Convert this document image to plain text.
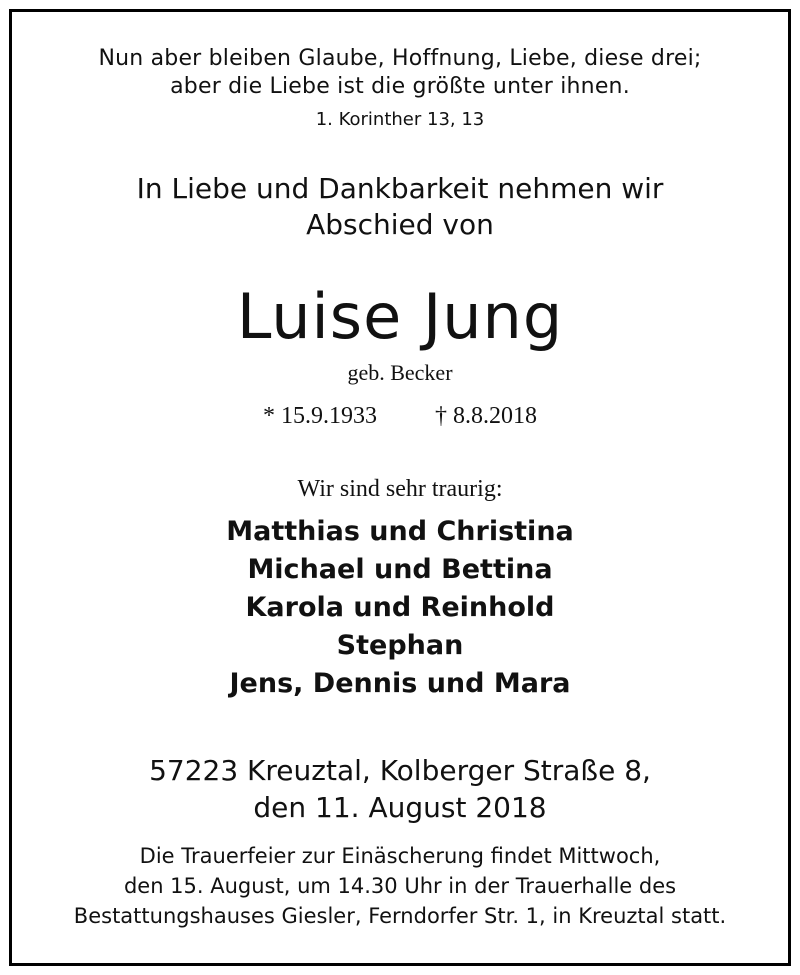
Nun aber bleiben Glaube, Hoffnung, Liebe, diese drei;
aber die Liebe ist die größte unter ihnen.
1. Korinther 13, 13
In Liebe und Dankbarkeit nehmen wir
Abschied von
Luise Jung
geb. Becker
* 15.9.1933 † 8.8.2018
Wir sind sehr traurig:
Matthias und Christina
Michael und Bettina
Karola und Reinhold
Stephan
Jens, Dennis und Mara
57223 Kreuztal, Kolberger Straße 8,
den 11. August 2018
Die Trauerfeier zur Einäscherung findet Mittwoch,
den 15. August, um 14.30 Uhr in der Trauerhalle des
Bestattungshauses Giesler, Ferndorfer Str. 1, in Kreuztal statt.
